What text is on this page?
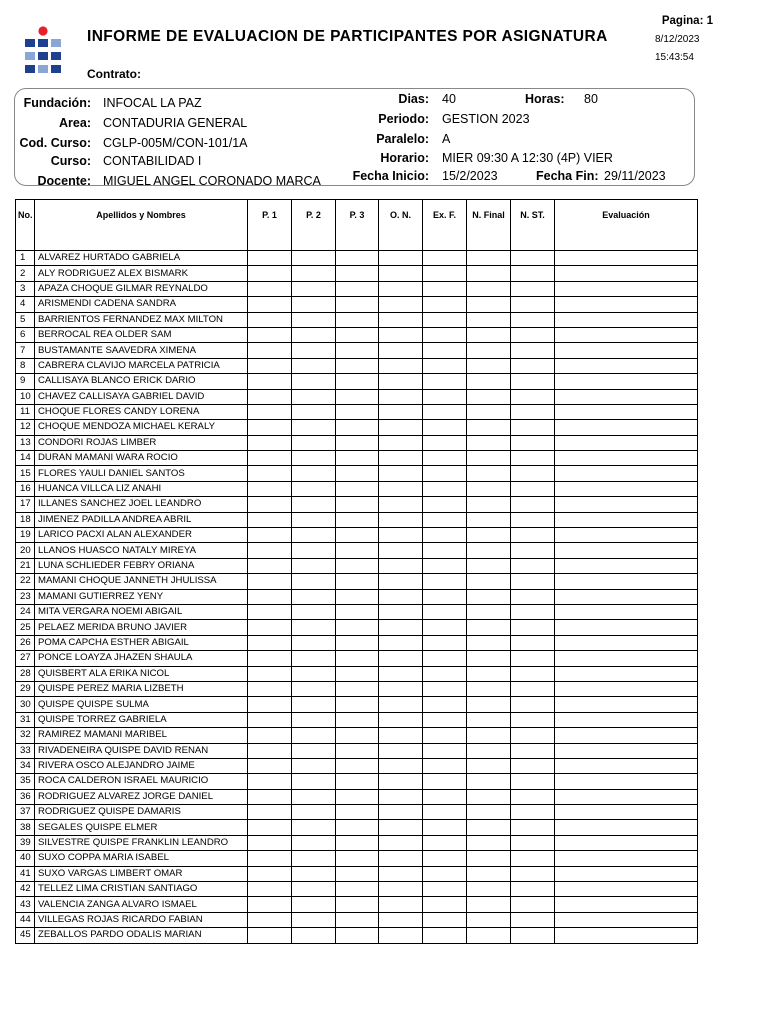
INFORME DE EVALUACION DE PARTICIPANTES POR ASIGNATURA
Contrato:
Pagina: 1
8/12/2023
15:43:54
Fundación: INFOCAL LA PAZ
Area: CONTADURIA GENERAL
Cod. Curso: CGLP-005M/CON-101/1A
Curso: CONTABILIDAD I
Docente: MIGUEL ANGEL CORONADO MARCA
Dias: 40	Horas: 80
Periodo: GESTION 2023
Paralelo: A
Horario: MIER 09:30 A 12:30 (4P) VIER
Fecha Inicio: 15/2/2023	Fecha Fin: 29/11/2023
No.	Apellidos y Nombres	P. 1	P. 2	P. 3	O. N.	Ex. F.	N. Final	N. ST.	Evaluación
1	ALVAREZ HURTADO GABRIELA								
2	ALY RODRIGUEZ ALEX BISMARK								
3	APAZA CHOQUE GILMAR REYNALDO								
4	ARISMENDI CADENA SANDRA								
5	BARRIENTOS FERNANDEZ MAX MILTON								
6	BERROCAL REA OLDER SAM								
7	BUSTAMANTE SAAVEDRA XIMENA								
8	CABRERA CLAVIJO MARCELA PATRICIA								
9	CALLISAYA BLANCO ERICK DARIO								
10	CHAVEZ CALLISAYA GABRIEL DAVID								
11	CHOQUE FLORES CANDY LORENA								
12	CHOQUE MENDOZA MICHAEL KERALY								
13	CONDORI ROJAS LIMBER								
14	DURAN MAMANI WARA ROCIO								
15	FLORES YAULI DANIEL SANTOS								
16	HUANCA VILLCA LIZ ANAHI								
17	ILLANES SANCHEZ JOEL LEANDRO								
18	JIMENEZ PADILLA ANDREA ABRIL								
19	LARICO PACXI ALAN ALEXANDER								
20	LLANOS HUASCO NATALY MIREYA								
21	LUNA SCHLIEDER FEBRY ORIANA								
22	MAMANI CHOQUE JANNETH JHULISSA								
23	MAMANI GUTIERREZ YENY								
24	MITA VERGARA NOEMI ABIGAIL								
25	PELAEZ MERIDA BRUNO JAVIER								
26	POMA CAPCHA ESTHER ABIGAIL								
27	PONCE LOAYZA JHAZEN SHAULA								
28	QUISBERT ALA ERIKA NICOL								
29	QUISPE PEREZ MARIA LIZBETH								
30	QUISPE QUISPE SULMA								
31	QUISPE TORREZ GABRIELA								
32	RAMIREZ MAMANI MARIBEL								
33	RIVADENEIRA QUISPE DAVID RENAN								
34	RIVERA OSCO ALEJANDRO JAIME								
35	ROCA CALDERON ISRAEL MAURICIO								
36	RODRIGUEZ ALVAREZ JORGE DANIEL								
37	RODRIGUEZ QUISPE DAMARIS								
38	SEGALES QUISPE ELMER								
39	SILVESTRE QUISPE FRANKLIN LEANDRO								
40	SUXO COPPA MARIA ISABEL								
41	SUXO VARGAS LIMBERT OMAR								
42	TELLEZ LIMA CRISTIAN SANTIAGO								
43	VALENCIA ZANGA ALVARO ISMAEL								
44	VILLEGAS ROJAS RICARDO FABIAN								
45	ZEBALLOS PARDO ODALIS MARIAN								
